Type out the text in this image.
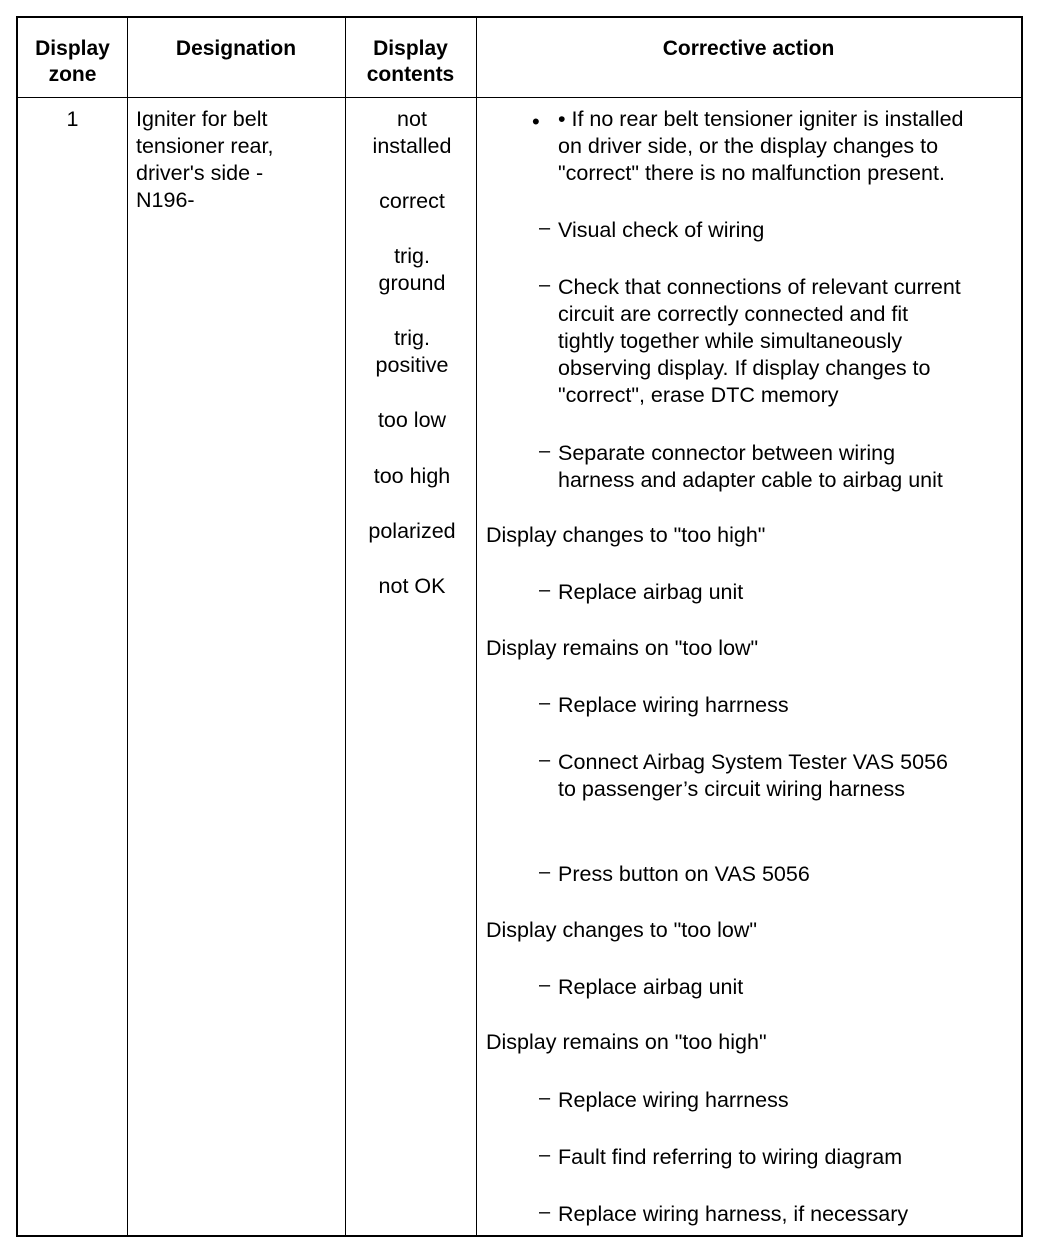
Display
zone
Designation	Display
contents
Corrective action
1	Igniter for belt
tensioner rear,
driver's side -
N196-
not
installed
correct
trig.
ground
trig.
positive
too low
too high
polarized
not OK
• • If no rear belt tensioner igniter is installed
on driver side, or the display changes to
"correct" there is no malfunction present.
– Visual check of wiring
– Check that connections of relevant current
circuit are correctly connected and fit
tightly together while simultaneously
observing display. If display changes to
"correct", erase DTC memory
– Separate connector between wiring
harness and adapter cable to airbag unit
Display changes to "too high"
– Replace airbag unit
Display remains on "too low"
– Replace wiring harrness
– Connect Airbag System Tester VAS 5056
to passenger’s circuit wiring harness
– Press button on VAS 5056
Display changes to "too low"
– Replace airbag unit
Display remains on "too high"
– Replace wiring harrness
– Fault find referring to wiring diagram
– Replace wiring harness, if necessary
